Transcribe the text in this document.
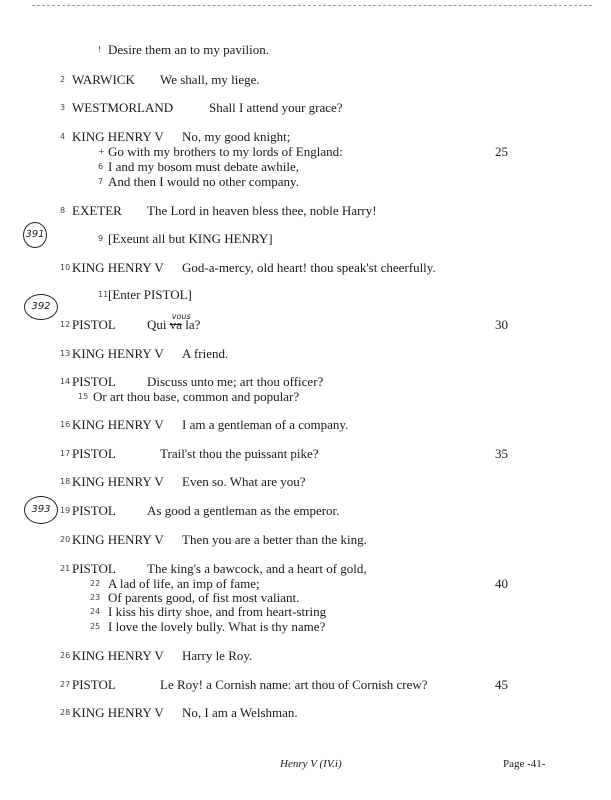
! Desire them an to my pavilion.
2 WARWICK We shall, my liege.
3 WESTMORLAND	Shall I attend your grace?
4 KING HENRY V No, my good knight;
+ Go with my brothers to my lords of England:	25
6 I and my bosom must debate awhile,
7 And then I would no other company.
8 EXETER The Lord in heaven bless thee, noble Harry!
9 [Exeunt all but KING HENRY]
391
10 KING HENRY V God-a-mercy, old heart! thou speak'st cheerfully.
11 [Enter PISTOL]
392
12 PISTOL Qui va
vous
la?	30
13 KING HENRY V A friend.
14 PISTOL Discuss unto me; art thou officer?
15 Or art thou base, common and popular?
16 KING HENRY V I am a gentleman of a company.
17 PISTOL	Trail'st thou the puissant pike?	35
18 KING HENRY V Even so. What are you?
19 PISTOL As good a gentleman as the emperor.
393
20 KING HENRY V Then you are a better than the king.
21 PISTOL The king's a bawcock, and a heart of gold,
22 A lad of life, an imp of fame;	40
23 Of parents good, of fist most valiant.
24 I kiss his dirty shoe, and from heart-string
25 I love the lovely bully. What is thy name?
26 KING HENRY V Harry le Roy.
27 PISTOL	Le Roy! a Cornish name: art thou of Cornish crew?	45
28 KING HENRY V No, I am a Welshman.
Henry V (IV.i)	Page -41-
